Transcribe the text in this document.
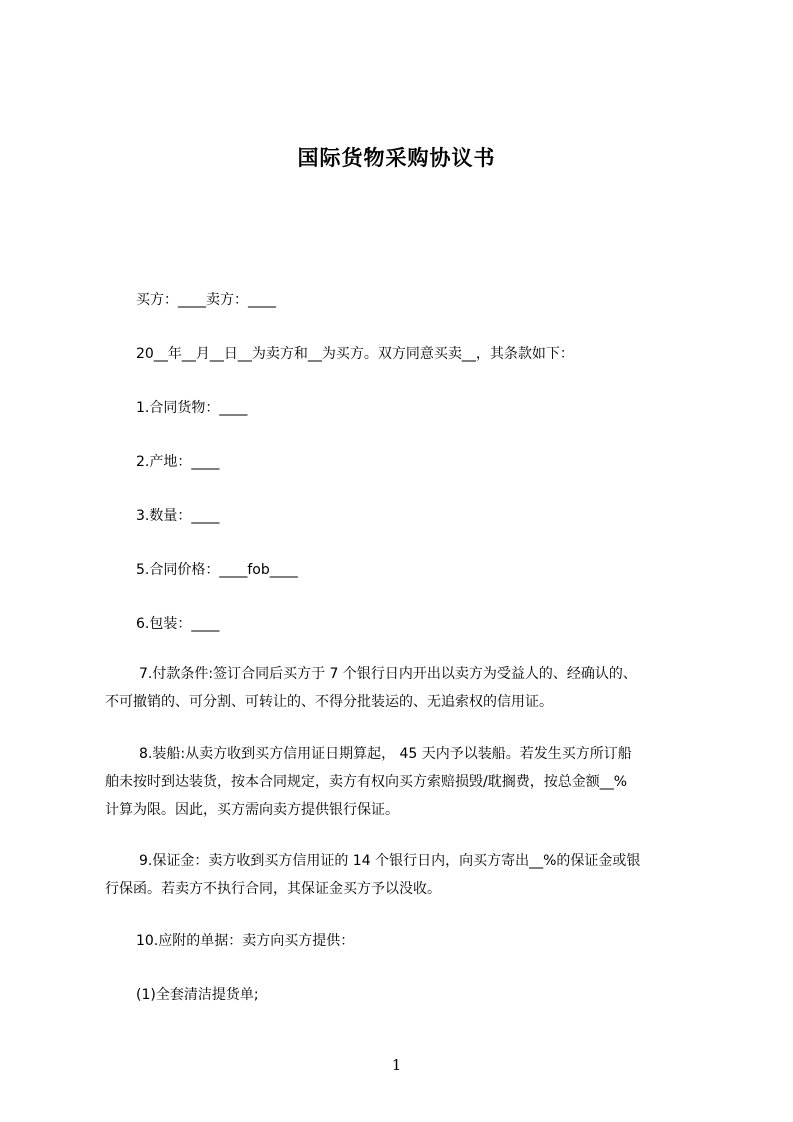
国际货物采购协议书
买方：____卖方：____
20__年__月__日__为卖方和__为买方。双方同意买卖__，其条款如下：
1.合同货物：____
2.产地：____
3.数量：____
5.合同价格：____fob____
6.包装：____
7.付款条件:签订合同后买方于 7 个银行日内开出以卖方为受益人的、经确认的、
不可撤销的、可分割、可转让的、不得分批装运的、无追索权的信用证。
8.装船:从卖方收到买方信用证日期算起， 45 天内予以装船。若发生买方所订船
舶未按时到达装货，按本合同规定，卖方有权向买方索赔损毁/耽搁费，按总金额__%
计算为限。因此，买方需向卖方提供银行保证。
9.保证金：卖方收到买方信用证的 14 个银行日内，向买方寄出__%的保证金或银
行保函。若卖方不执行合同，其保证金买方予以没收。
10.应附的单据：卖方向买方提供：
(1)全套清洁提货单;
1
